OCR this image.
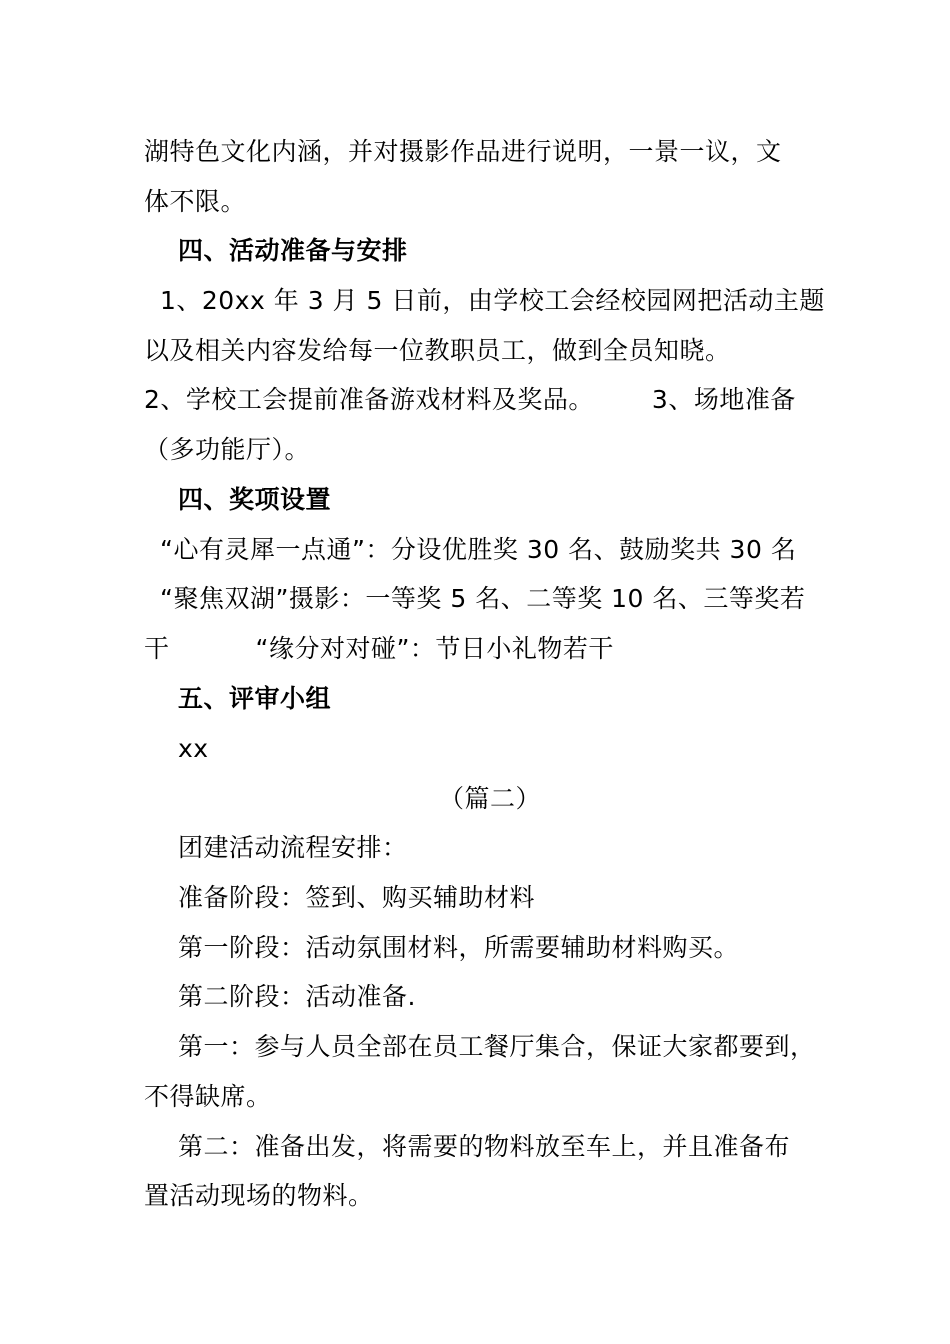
湖特色文化内涵，并对摄影作品进行说明，一景一议，文
体不限。
四、活动准备与安排
1、20xx 年 3 月 5 日前，由学校工会经校园网把活动主题
以及相关内容发给每一位教职员工，做到全员知晓。
2、学校工会提前准备游戏材料及奖品。 3、场地准备
（多功能厅）。
四、奖项设置
“心有灵犀一点通”：分设优胜奖 30 名、鼓励奖共 30 名
“聚焦双湖”摄影：一等奖 5 名、二等奖 10 名、三等奖若
干	“缘分对对碰”：节日小礼物若干
五、评审小组
xx
（篇二）
团建活动流程安排：
准备阶段：签到、购买辅助材料
第一阶段：活动氛围材料，所需要辅助材料购买。
第二阶段：活动准备.
第一：参与人员全部在员工餐厅集合，保证大家都要到，
不得缺席。
第二：准备出发，将需要的物料放至车上，并且准备布
置活动现场的物料。
